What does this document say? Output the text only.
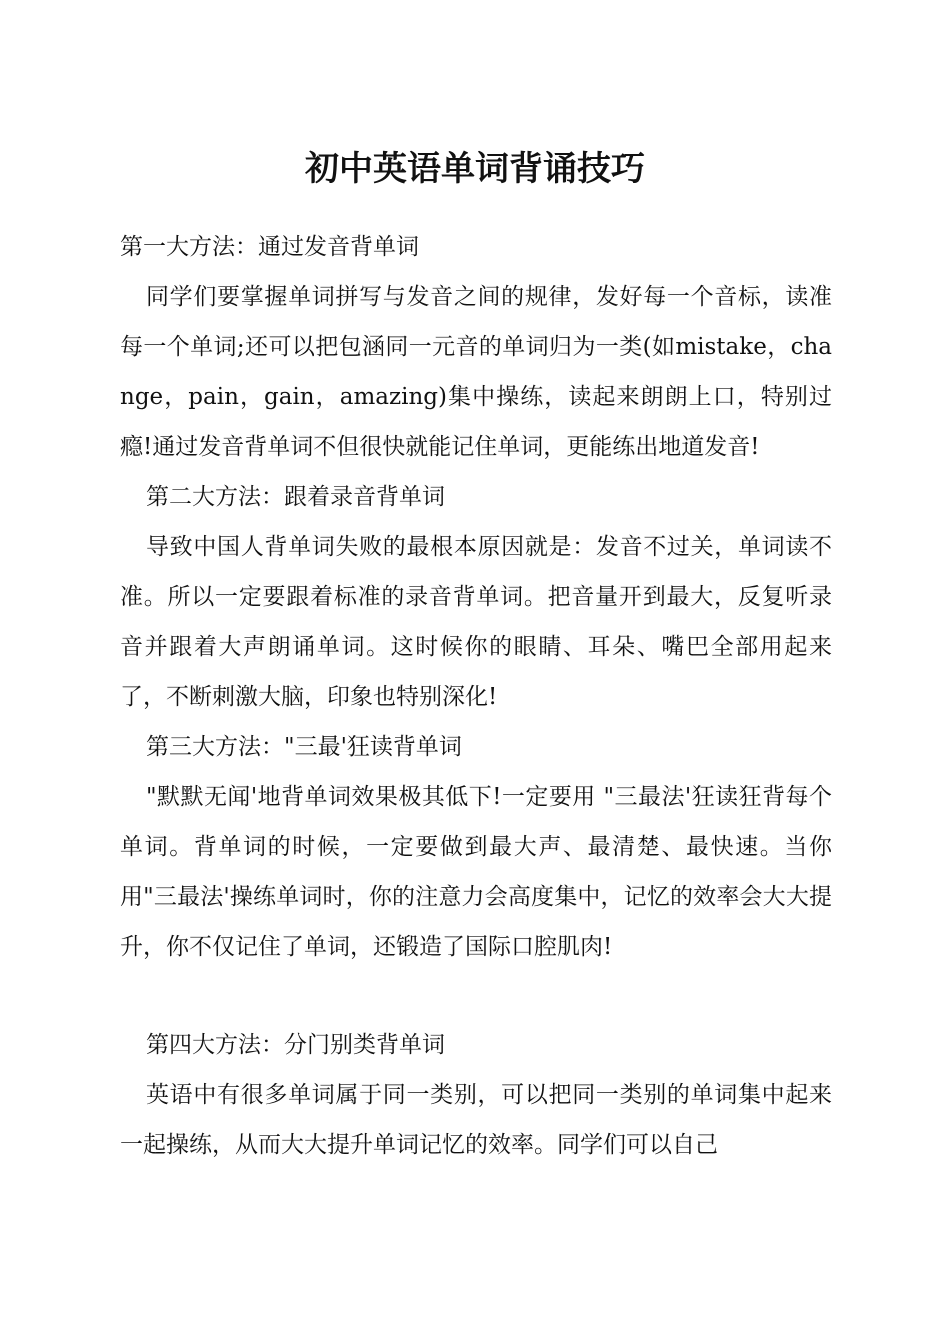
初中英语单词背诵技巧

第一大方法：通过发音背单词

同学们要掌握单词拼写与发音之间的规律，发好每一个音标，读准每一个单词;还可以把包涵同一元音的单词归为一类(如mistake，change，pain，gain，amazing)集中操练，读起来朗朗上口，特别过瘾!通过发音背单词不但很快就能记住单词，更能练出地道发音!

第二大方法：跟着录音背单词

导致中国人背单词失败的最根本原因就是：发音不过关，单词读不准。所以一定要跟着标准的录音背单词。把音量开到最大，反复听录音并跟着大声朗诵单词。这时候你的眼睛、耳朵、嘴巴全部用起来了，不断刺激大脑，印象也特别深化!

第三大方法："三最'狂读背单词

"默默无闻'地背单词效果极其低下!一定要用 "三最法'狂读狂背每个单词。背单词的时候，一定要做到最大声、最清楚、最快速。当你用"三最法'操练单词时，你的注意力会高度集中，记忆的效率会大大提升，你不仅记住了单词，还锻造了国际口腔肌肉!

第四大方法：分门别类背单词

英语中有很多单词属于同一类别，可以把同一类别的单词集中起来一起操练，从而大大提升单词记忆的效率。同学们可以自己
